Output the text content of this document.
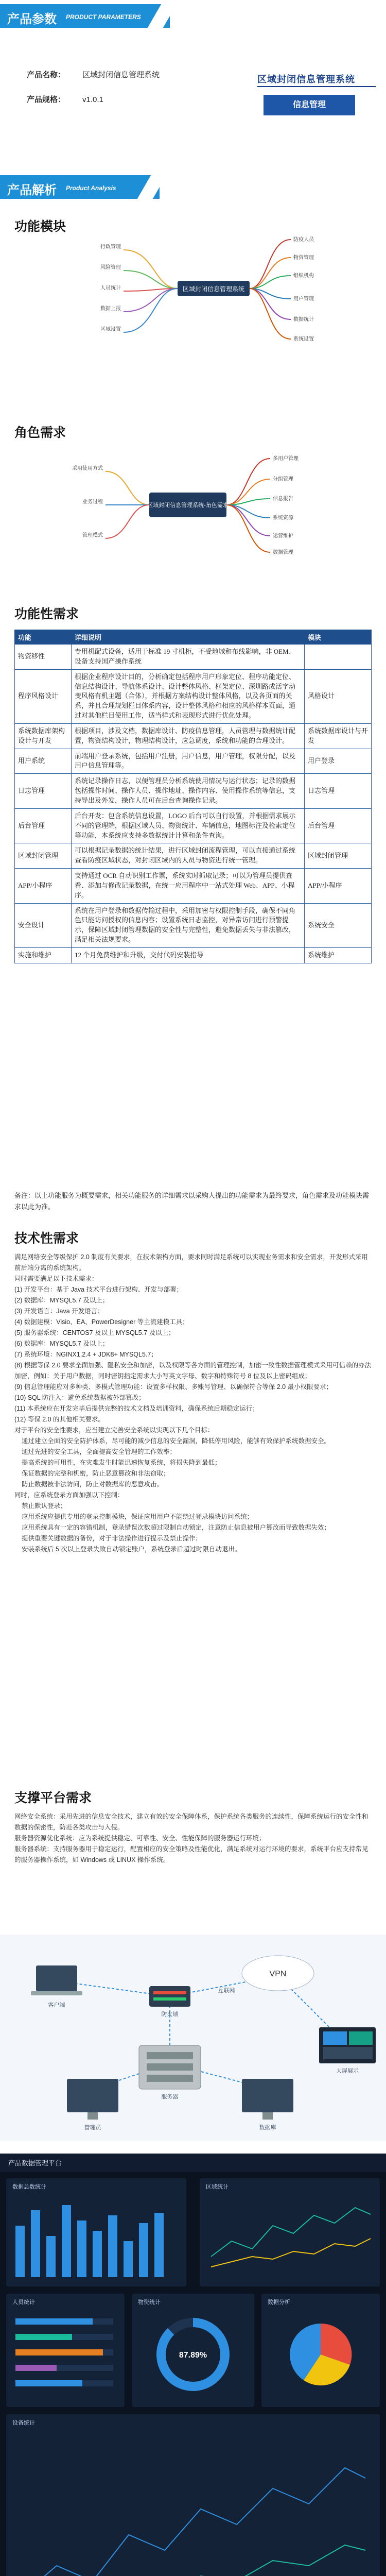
产品参数 PRODUCT PARAMETERS
产品名称： 区域封闭信息管理系统
产品规格： v1.0.1
区域封闭信息管理系统
信息管理
产品解析 Product Analysis
功能模块
区域封闭信息管理系统
行政管理
风险管理
人员统计
数据上报
区域设置
防疫人员
物资管理
组织机构
用户管理
数据统计
系统设置
角色需求
区域封闭信息管理系统-角色需求
采用使用方式
业务过程
管理模式
多用户管理
分组管理
信息报告
系统资源
运营维护
数据管理
功能性需求
功能	详细说明	模块
物资移性	专用机配式设备，适用于标准 19 寸机柜，不受地域和布线影响，非 OEM、设备支持国产操作系统	
程序风格设计	根据企业程序设计目的，分析确定包括程序用户形象定位、程序功能定位、信息结构设计、导航体系设计、设计整体风格、框架定位、深圳路成活字动变风格有机主题（合体），并根据方案结构设计整体风格，以及各页面的关系，并且合理规划栏目体系内容，设计整体风格和相应的风格样本页面，通过对其他栏目使用工作，适当样式和表现形式进行优化处理。	风格设计
系统数据库架构设计与开发	根据项目，涉及文档，数据库设计、防疫信息管理，人员管理与数据统计配置，物资结构设计，物理结构设计，应急调度，系统和功能的合理设计。	系统数据库设计与开发
用户系统	前端用户登录系统，包括用户注册，用户信息，用户管理，权限分配，以及用户信息管理等。	用户登录
日志管理	系统记录操作日志，以便管理员分析系统使用情况与运行状态；记录的数据包括操作时间、操作人员、操作地址、操作内容、使用操作系统等信息，支持导出及外发，操作人员可在后台查询操作记录。	日志管理
后台管理	后台开发：包含系统信息设置，LOGO 后台可以自行设置，并根据需求展示不同的管理端，根据区域人员、物资统计、车辆信息，地图标注及检索定位等功能，本系统应支持多数据统计计算和条件查询。	后台管理
区域封闭管理	可以根据记录数据的统计结果，进行区域封闭流程管理，可以直接通过系统查看防疫区域状态，对封闭区域内的人员与物资进行统一管理。	区域封闭管理
APP/小程序	支持通过 OCR 自动识别工作票，系统实时抓取记录；可以为管理员提供查看、添加与修改记录数据，在统一应用程序中一站式处理 Web、APP、小程序。	APP/小程序
安全设计	系统在用户登录和数据传输过程中，采用加密与权限控制手段，确保不同角色只能访问授权的信息内容；设置系统日志监控，对异常访问进行预警提示，保障区域封闭管理数据的安全性与完整性，避免数据丢失与非法篡改，满足相关法规要求。	系统安全
实施和维护	12 个月免费维护和升级，交付代码安装指导	系统维护
备注：以上功能服务为概要需求，相关功能服务的详细需求以采购人提出的功能需求为最终要求，角色需求及功能模块需求以此为准。
技术性需求

满足网络安全等级保护 2.0 制度有关要求，在技术架构方面，要求同时满足系统可以实现业务需求和安全需求，开发形式采用前后端分离的系统架构。

同时需要满足以下技术需求：

(1) 开发平台：基于 Java 技术平台进行架构、开发与部署；

(2) 数据库：MYSQL5.7 及以上；

(3) 开发语言：Java 开发语言；

(4) 数据建模：Visio、EA、PowerDesigner 等主流建模工具；

(5) 服务器系统：CENTOS7 及以上 MYSQL5.7 及以上；

(6) 数据库：MYSQL5.7 及以上；

(7) 系统环境：NGINX1.2.4 + JDK8+ MYSQL5.7；

(8) 根据等保 2.0 要求全面加强、隐私安全和加密，以及权限等各方面的管理控制，加密一致性数据管理模式采用可信赖的办法加密，例如：关于用户数据，同时密钥指定需求大小写英文字母、数字和特殊符号 8 位及以上密码组成；

(9) 信息管理能应对多种类、多模式管理功能：设置多样权限、多账号管理、以确保符合等保 2.0 最小权限要求；

(10) SQL 防注入：避免系统数据被外部篡改；

(11) 本系统应在开发完毕后提供完整的技术文档及培训资料，确保系统后期稳定运行；

(12) 等保 2.0 的其他相关要求。

对于平台的安全性要求，应当建立完善安全系统以实现以下几个目标：

通过建立全面的安全防护体系，尽可能的减少信息的安全漏洞，降低停用风险，能够有效保护系统数据安全。

通过先进的安全工具，全面提高安全管理的工作效率；

提高系统的可用性，在灾难发生时能迅速恢复系统，将损失降到最低；

保证数据的完整和机密，防止恶意篡改和非法窃取；

防止数据被非法访问，防止对数据库的恶意攻击。

同时，应系统登录方面加强以下控制：

禁止默认登录；

应用系统应提供专用的登录控制模块，保证应用用户不能绕过登录模块访问系统；

应用系统具有一定的容错机制，登录错误次数超过限制自动锁定，注意防止信息被用户篡改而导致数据失效；

提供重要关键数据的备份，对于非法操作进行提示及禁止操作；

安装系统后 5 次以上登录失败自动锁定账户，系统登录后超过时限自动退出。

支撑平台需求

网络安全系统：采用先进的信息安全技术，建立有效的安全保障体系，保护系统各类服务的连续性，保障系统运行的安全性和数据的保密性，防范各类攻击与入侵。

服务器资源优化系统：应为系统提供稳定、可靠性、安全、性能保障的服务器运行环境；

服务器系统：支持服务器用于稳定运行，配置相应的安全策略及性能优化，满足系统对运行环境的要求，系统平台应支持常见的服务器操作系统，如 Windows 或 LINUX 操作系统。

VPN
客户端
管理员
互联网
防火墙
服务器
数据库
大屏展示
产品数据管理平台
数据总数统计	区域统计
人员统计	物资统计
87.89%
数据分析
设备统计
